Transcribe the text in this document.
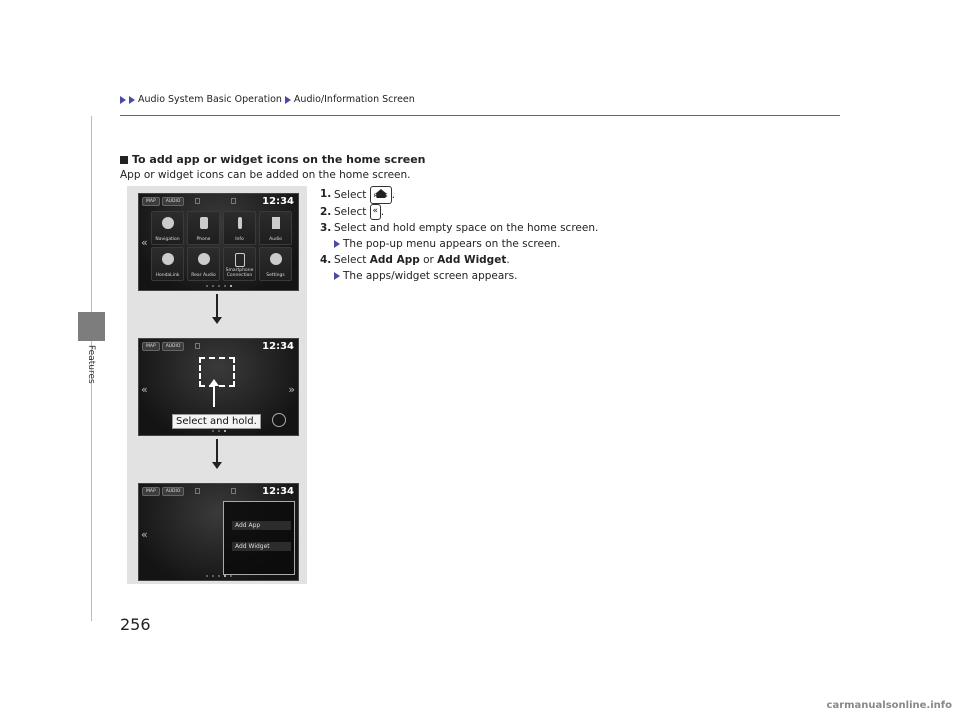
Audio System Basic Operation Audio/Information Screen
Features
To add app or widget icons on the home screen
App or widget icons can be added on the home screen.
1. Select	HOME .
2. Select « .
3. Select and hold empty space on the home screen.
The pop-up menu appears on the screen.
4. Select Add App or Add Widget.
The apps/widget screen appears.
MAP	AUDIO	12:34
«	Navigation	Phone	Info	Audio
HondaLink	Rear Audio
Smartphone Connection	Settings
MAP	AUDIO	12:34
«	»
Select and hold.
MAP	AUDIO	12:34
«
Add App
Add Widget
256
carmanualsonline.info
